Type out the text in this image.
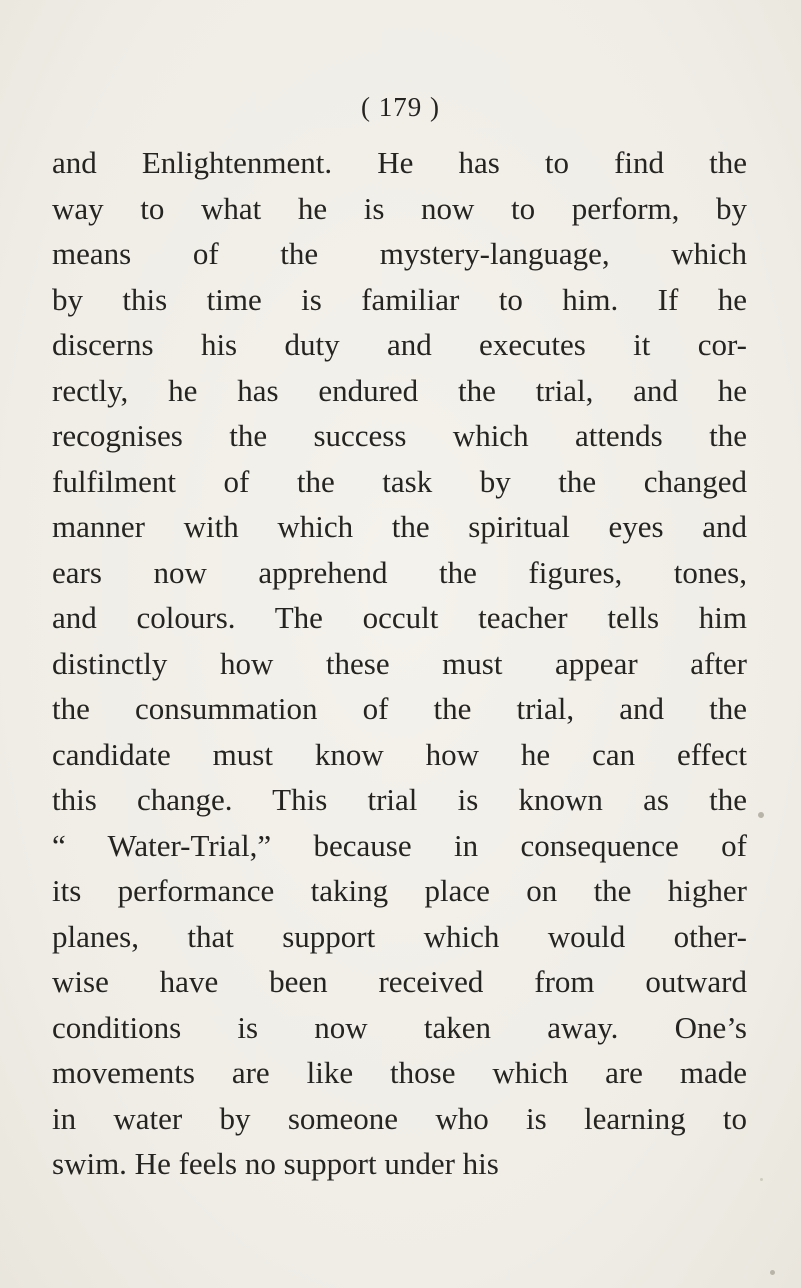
( 179 )
and Enlightenment. He has to find the
way to what he is now to perform, by
means of the mystery-language, which
by this time is familiar to him. If he
discerns his duty and executes it cor-
rectly, he has endured the trial, and he
recognises the success which attends the
fulfilment of the task by the changed
manner with which the spiritual eyes and
ears now apprehend the figures, tones,
and colours. The occult teacher tells him
distinctly how these must appear after
the consummation of the trial, and the
candidate must know how he can effect
this change. This trial is known as the
“ Water-Trial,” because in consequence of
its performance taking place on the higher
planes, that support which would other-
wise have been received from outward
conditions is now taken away. One’s
movements are like those which are made
in water by someone who is learning to
swim. He feels no support under his
